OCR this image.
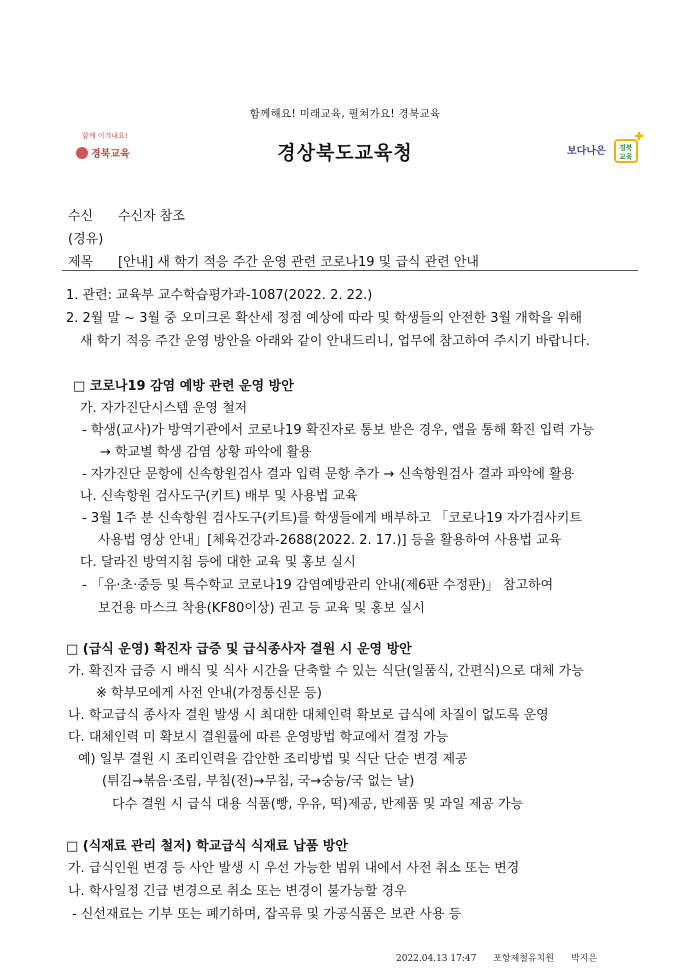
함께해요! 미래교육, 펼쳐가요! 경북교육
함께 이겨내요!
경북교육	경상북도교육청	보다나은 경북
교육
수신 수신자 참조
(경유)
제목 [안내] 새 학기 적응 주간 운영 관련 코로나19 및 급식 관련 안내
1. 관련: 교육부 교수학습평가과-1087(2022. 2. 22.)
2. 2월 말 ~ 3월 중 오미크론 확산세 정점 예상에 따라 및 학생들의 안전한 3월 개학을 위해
새 학기 적응 주간 운영 방안을 아래와 같이 안내드리니, 업무에 참고하여 주시기 바랍니다.
□ 코로나19 감염 예방 관련 운영 방안
가. 자가진단시스템 운영 철저
- 학생(교사)가 방역기관에서 코로나19 확진자로 통보 받은 경우, 앱을 통해 확진 입력 가능
→ 학교별 학생 감염 상황 파악에 활용
- 자가진단 문항에 신속항원검사 결과 입력 문항 추가 → 신속항원검사 결과 파악에 활용
나. 신속항원 검사도구(키트) 배부 및 사용법 교육
- 3월 1주 분 신속항원 검사도구(키트)를 학생들에게 배부하고 「코로나19 자가검사키트
사용법 영상 안내」[체육건강과-2688(2022. 2. 17.)] 등을 활용하여 사용법 교육
다. 달라진 방역지침 등에 대한 교육 및 홍보 실시
- 「유·초·중등 및 특수학교 코로나19 감염예방관리 안내(제6판 수정판)」 참고하여
보건용 마스크 착용(KF80이상) 권고 등 교육 및 홍보 실시
□ (급식 운영) 확진자 급증 및 급식종사자 결원 시 운영 방안
가. 확진자 급증 시 배식 및 식사 시간을 단축할 수 있는 식단(일품식, 간편식)으로 대체 가능
※ 학부모에게 사전 안내(가정통신문 등)
나. 학교급식 종사자 결원 발생 시 최대한 대체인력 확보로 급식에 차질이 없도록 운영
다. 대체인력 미 확보시 결원률에 따른 운영방법 학교에서 결정 가능
예) 일부 결원 시 조리인력을 감안한 조리방법 및 식단 단순 변경 제공
(튀김→볶음·조림, 부침(전)→무침, 국→숭늉/국 없는 날)
다수 결원 시 급식 대용 식품(빵, 우유, 떡)제공, 반제품 및 과일 제공 가능
□ (식재료 관리 철저) 학교급식 식재료 납품 방안
가. 급식인원 변경 등 사안 발생 시 우선 가능한 범위 내에서 사전 취소 또는 변경
나. 학사일정 긴급 변경으로 취소 또는 변경이 불가능할 경우
- 신선재료는 기부 또는 폐기하며, 잡곡류 및 가공식품은 보관 사용 등
2022.04.13 17:47 포항제철유치원 박지은
